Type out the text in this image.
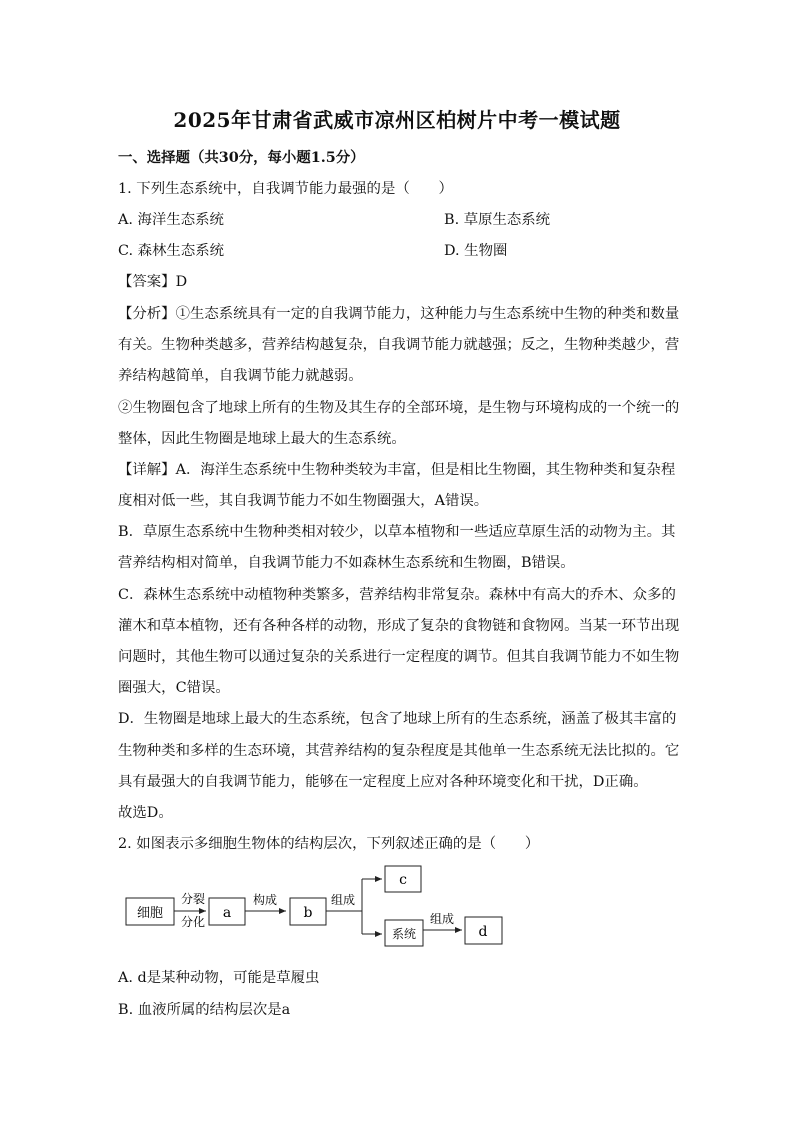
2025年甘肃省武威市凉州区柏树片中考一模试题
一、选择题（共30分，每小题1.5分）
1. 下列生态系统中，自我调节能力最强的是（　　）
A. 海洋生态系统	B. 草原生态系统
C. 森林生态系统	D. 生物圈
【答案】D
【分析】①生态系统具有一定的自我调节能力，这种能力与生态系统中生物的种类和数量
有关。生物种类越多，营养结构越复杂，自我调节能力就越强；反之，生物种类越少，营
养结构越简单，自我调节能力就越弱。
②生物圈包含了地球上所有的生物及其生存的全部环境，是生物与环境构成的一个统一的
整体，因此生物圈是地球上最大的生态系统。
【详解】A．海洋生态系统中生物种类较为丰富，但是相比生物圈，其生物种类和复杂程
度相对低一些，其自我调节能力不如生物圈强大，A错误。
B．草原生态系统中生物种类相对较少，以草本植物和一些适应草原生活的动物为主。其
营养结构相对简单，自我调节能力不如森林生态系统和生物圈，B错误。
C．森林生态系统中动植物种类繁多，营养结构非常复杂。森林中有高大的乔木、众多的
灌木和草本植物，还有各种各样的动物，形成了复杂的食物链和食物网。当某一环节出现
问题时，其他生物可以通过复杂的关系进行一定程度的调节。但其自我调节能力不如生物
圈强大，C错误。
D．生物圈是地球上最大的生态系统，包含了地球上所有的生态系统，涵盖了极其丰富的
生物种类和多样的生态环境，其营养结构的复杂程度是其他单一生态系统无法比拟的。它
具有最强大的自我调节能力，能够在一定程度上应对各种环境变化和干扰，D正确。
故选D。
2. 如图表示多细胞生物体的结构层次，下列叙述正确的是（　　）
细胞
分裂
分化
a
构成
b
组成
c
系统
组成
d
A. d是某种动物，可能是草履虫
B. 血液所属的结构层次是a
